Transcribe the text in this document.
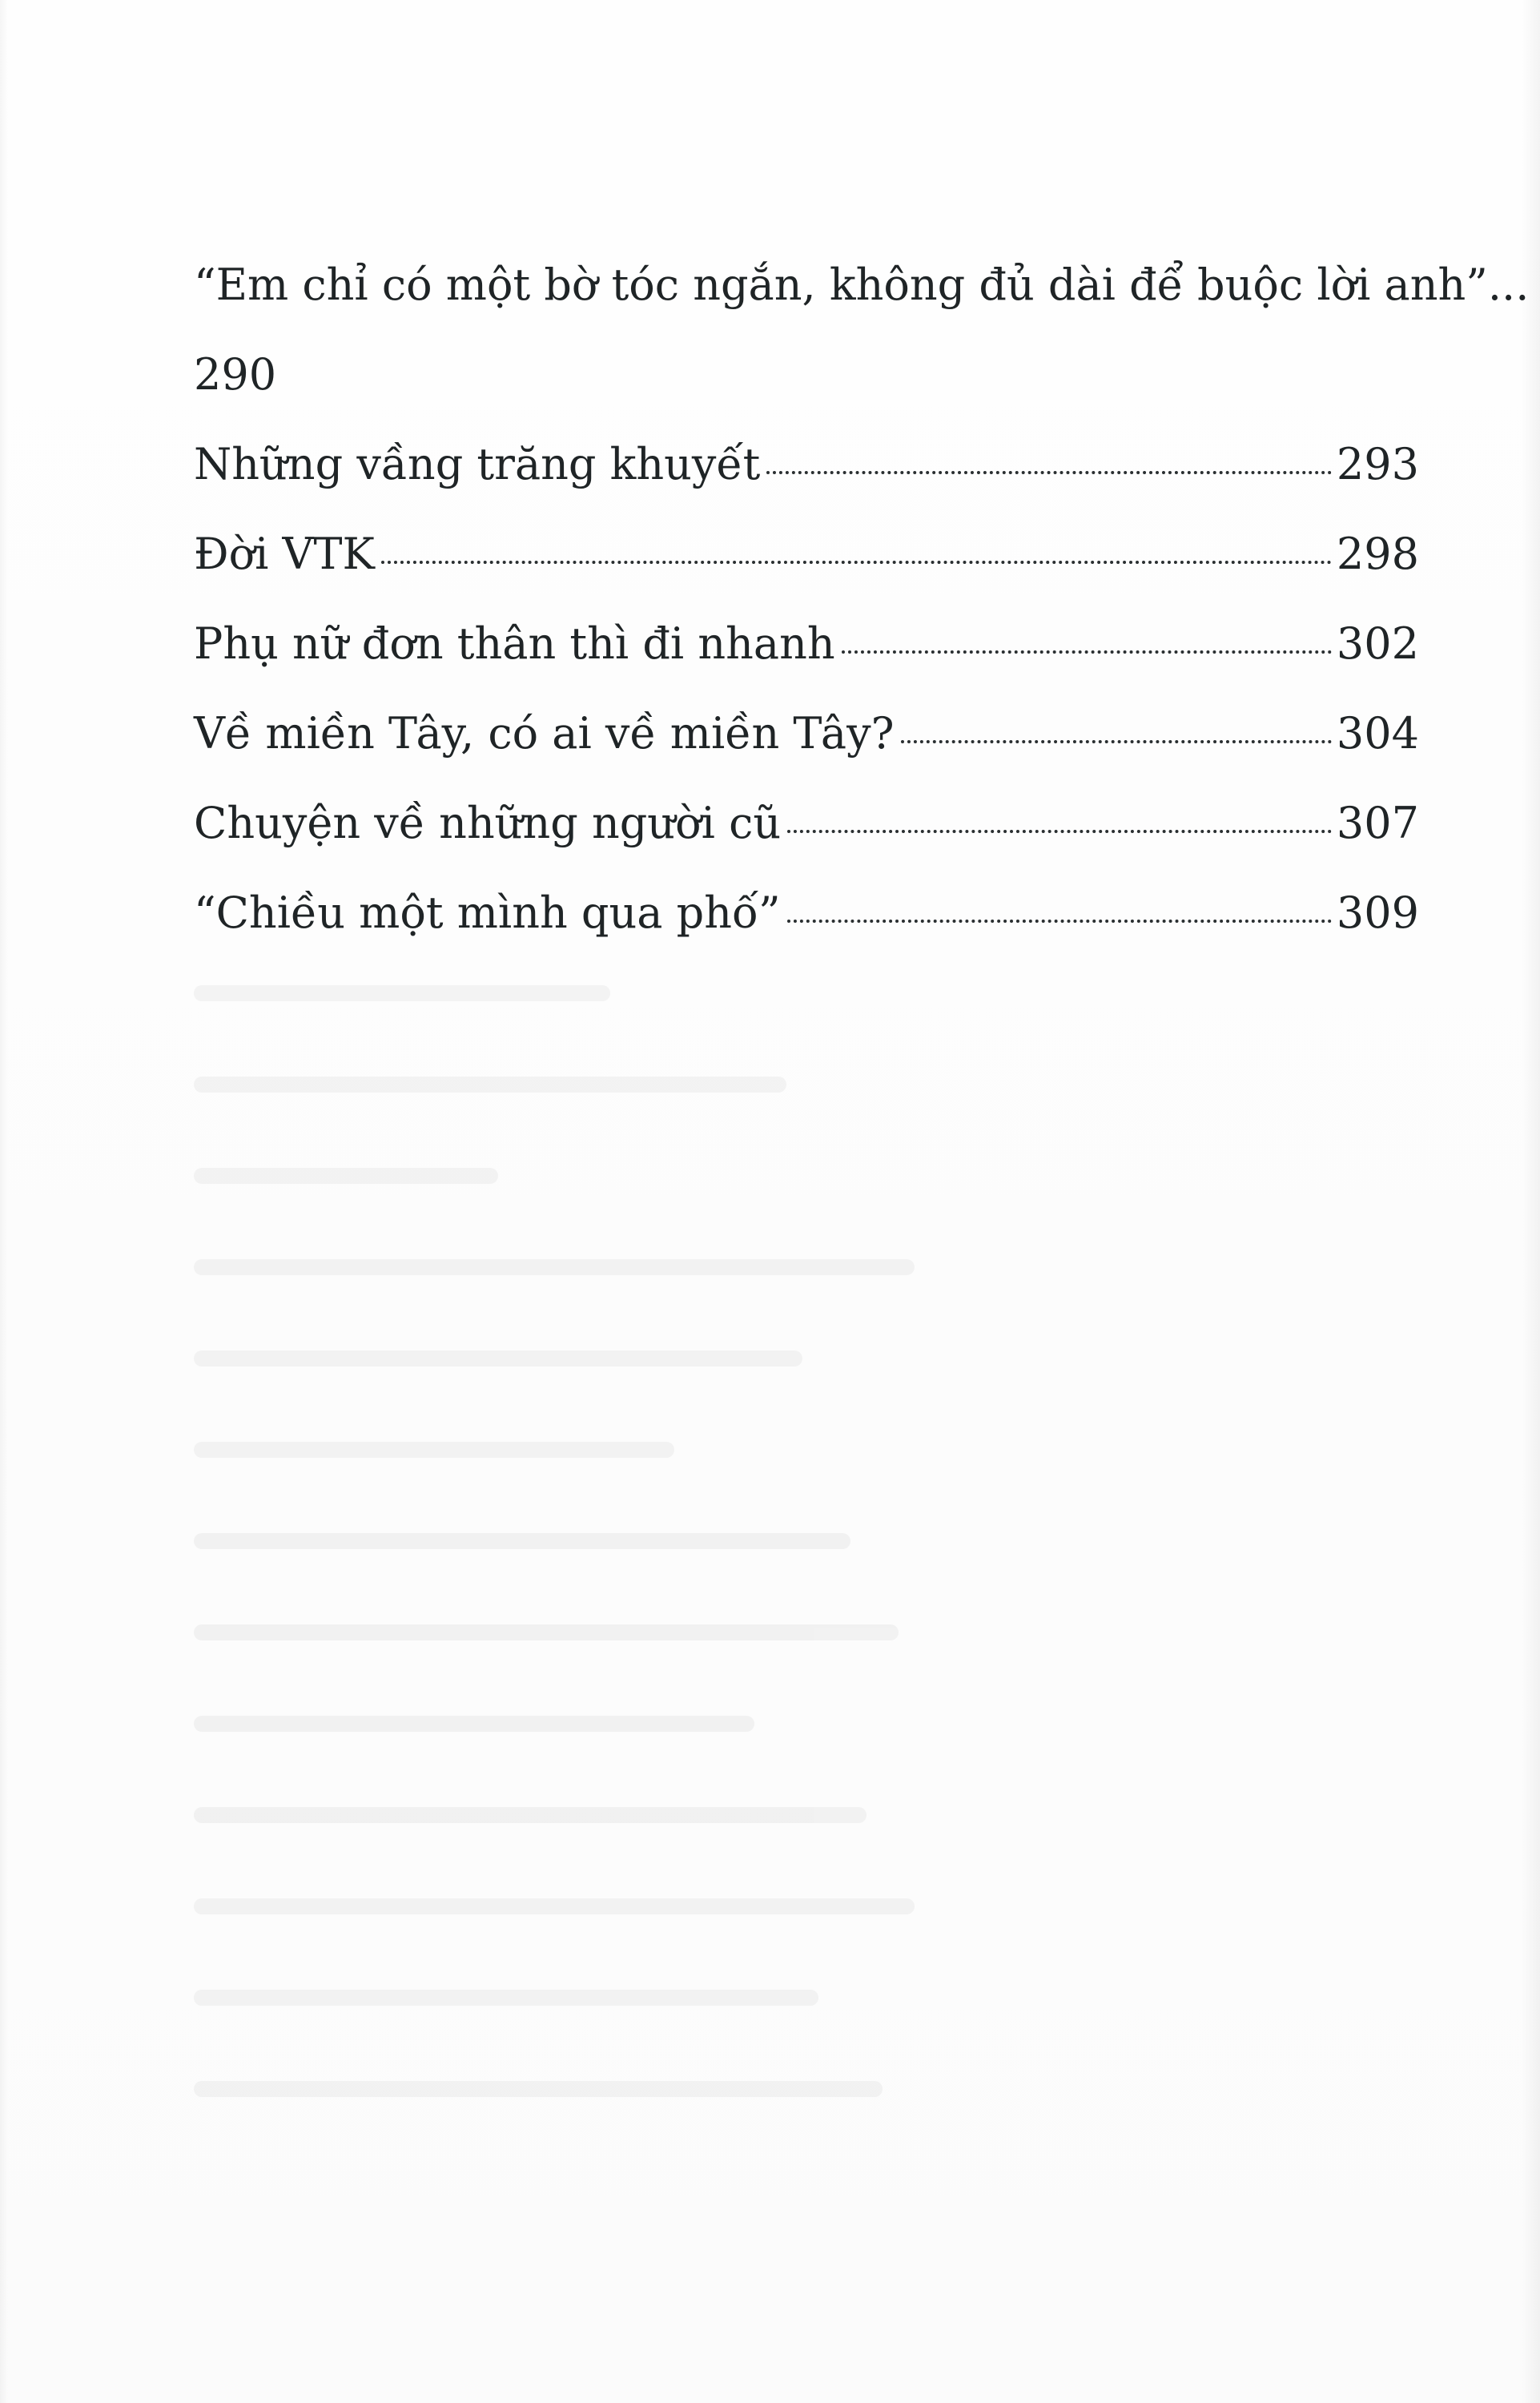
“Em chỉ có một bờ tóc ngắn, không đủ dài để buộc lời anh”...
290
Những vầng trăng khuyết	293
Đời VTK	298
Phụ nữ đơn thân thì đi nhanh	302
Về miền Tây, có ai về miền Tây?	304
Chuyện về những người cũ	307
“Chiều một mình qua phố”	309
